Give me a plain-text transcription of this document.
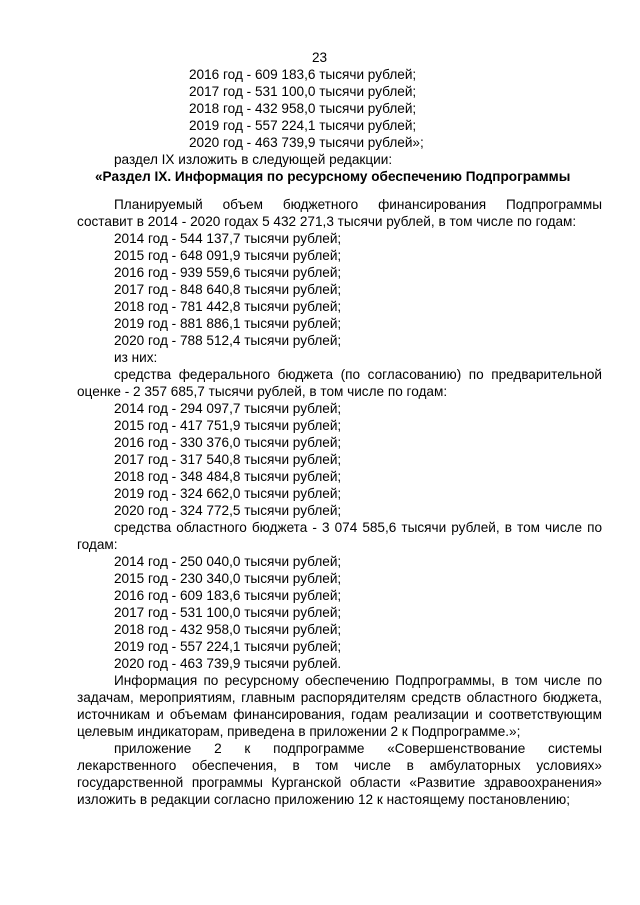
23
2016 год - 609 183,6 тысячи рублей;
2017 год - 531 100,0 тысячи рублей;
2018 год - 432 958,0 тысячи рублей;
2019 год - 557 224,1 тысячи рублей;
2020 год - 463 739,9 тысячи рублей»;
раздел IX изложить в следующей редакции:
«Раздел IX. Информация по ресурсному обеспечению Подпрограммы
Планируемый объем бюджетного финансирования Подпрограммы
составит в 2014 - 2020 годах 5 432 271,3 тысячи рублей, в том числе по годам:
2014 год - 544 137,7 тысячи рублей;
2015 год - 648 091,9 тысячи рублей;
2016 год - 939 559,6 тысячи рублей;
2017 год - 848 640,8 тысячи рублей;
2018 год - 781 442,8 тысячи рублей;
2019 год - 881 886,1 тысячи рублей;
2020 год - 788 512,4 тысячи рублей;
из них:
средства федерального бюджета (по согласованию) по предварительной
оценке - 2 357 685,7 тысячи рублей, в том числе по годам:
2014 год - 294 097,7 тысячи рублей;
2015 год - 417 751,9 тысячи рублей;
2016 год - 330 376,0 тысячи рублей;
2017 год - 317 540,8 тысячи рублей;
2018 год - 348 484,8 тысячи рублей;
2019 год - 324 662,0 тысячи рублей;
2020 год - 324 772,5 тысячи рублей;
средства областного бюджета - 3 074 585,6 тысячи рублей, в том числе по
годам:
2014 год - 250 040,0 тысячи рублей;
2015 год - 230 340,0 тысячи рублей;
2016 год - 609 183,6 тысячи рублей;
2017 год - 531 100,0 тысячи рублей;
2018 год - 432 958,0 тысячи рублей;
2019 год - 557 224,1 тысячи рублей;
2020 год - 463 739,9 тысячи рублей.
Информация по ресурсному обеспечению Подпрограммы, в том числе по
задачам, мероприятиям, главным распорядителям средств областного бюджета,
источникам и объемам финансирования, годам реализации и соответствующим
целевым индикаторам, приведена в приложении 2 к Подпрограмме.»;
приложение 2 к подпрограмме «Совершенствование системы
лекарственного обеспечения, в том числе в амбулаторных условиях»
государственной программы Курганской области «Развитие здравоохранения»
изложить в редакции согласно приложению 12 к настоящему постановлению;
